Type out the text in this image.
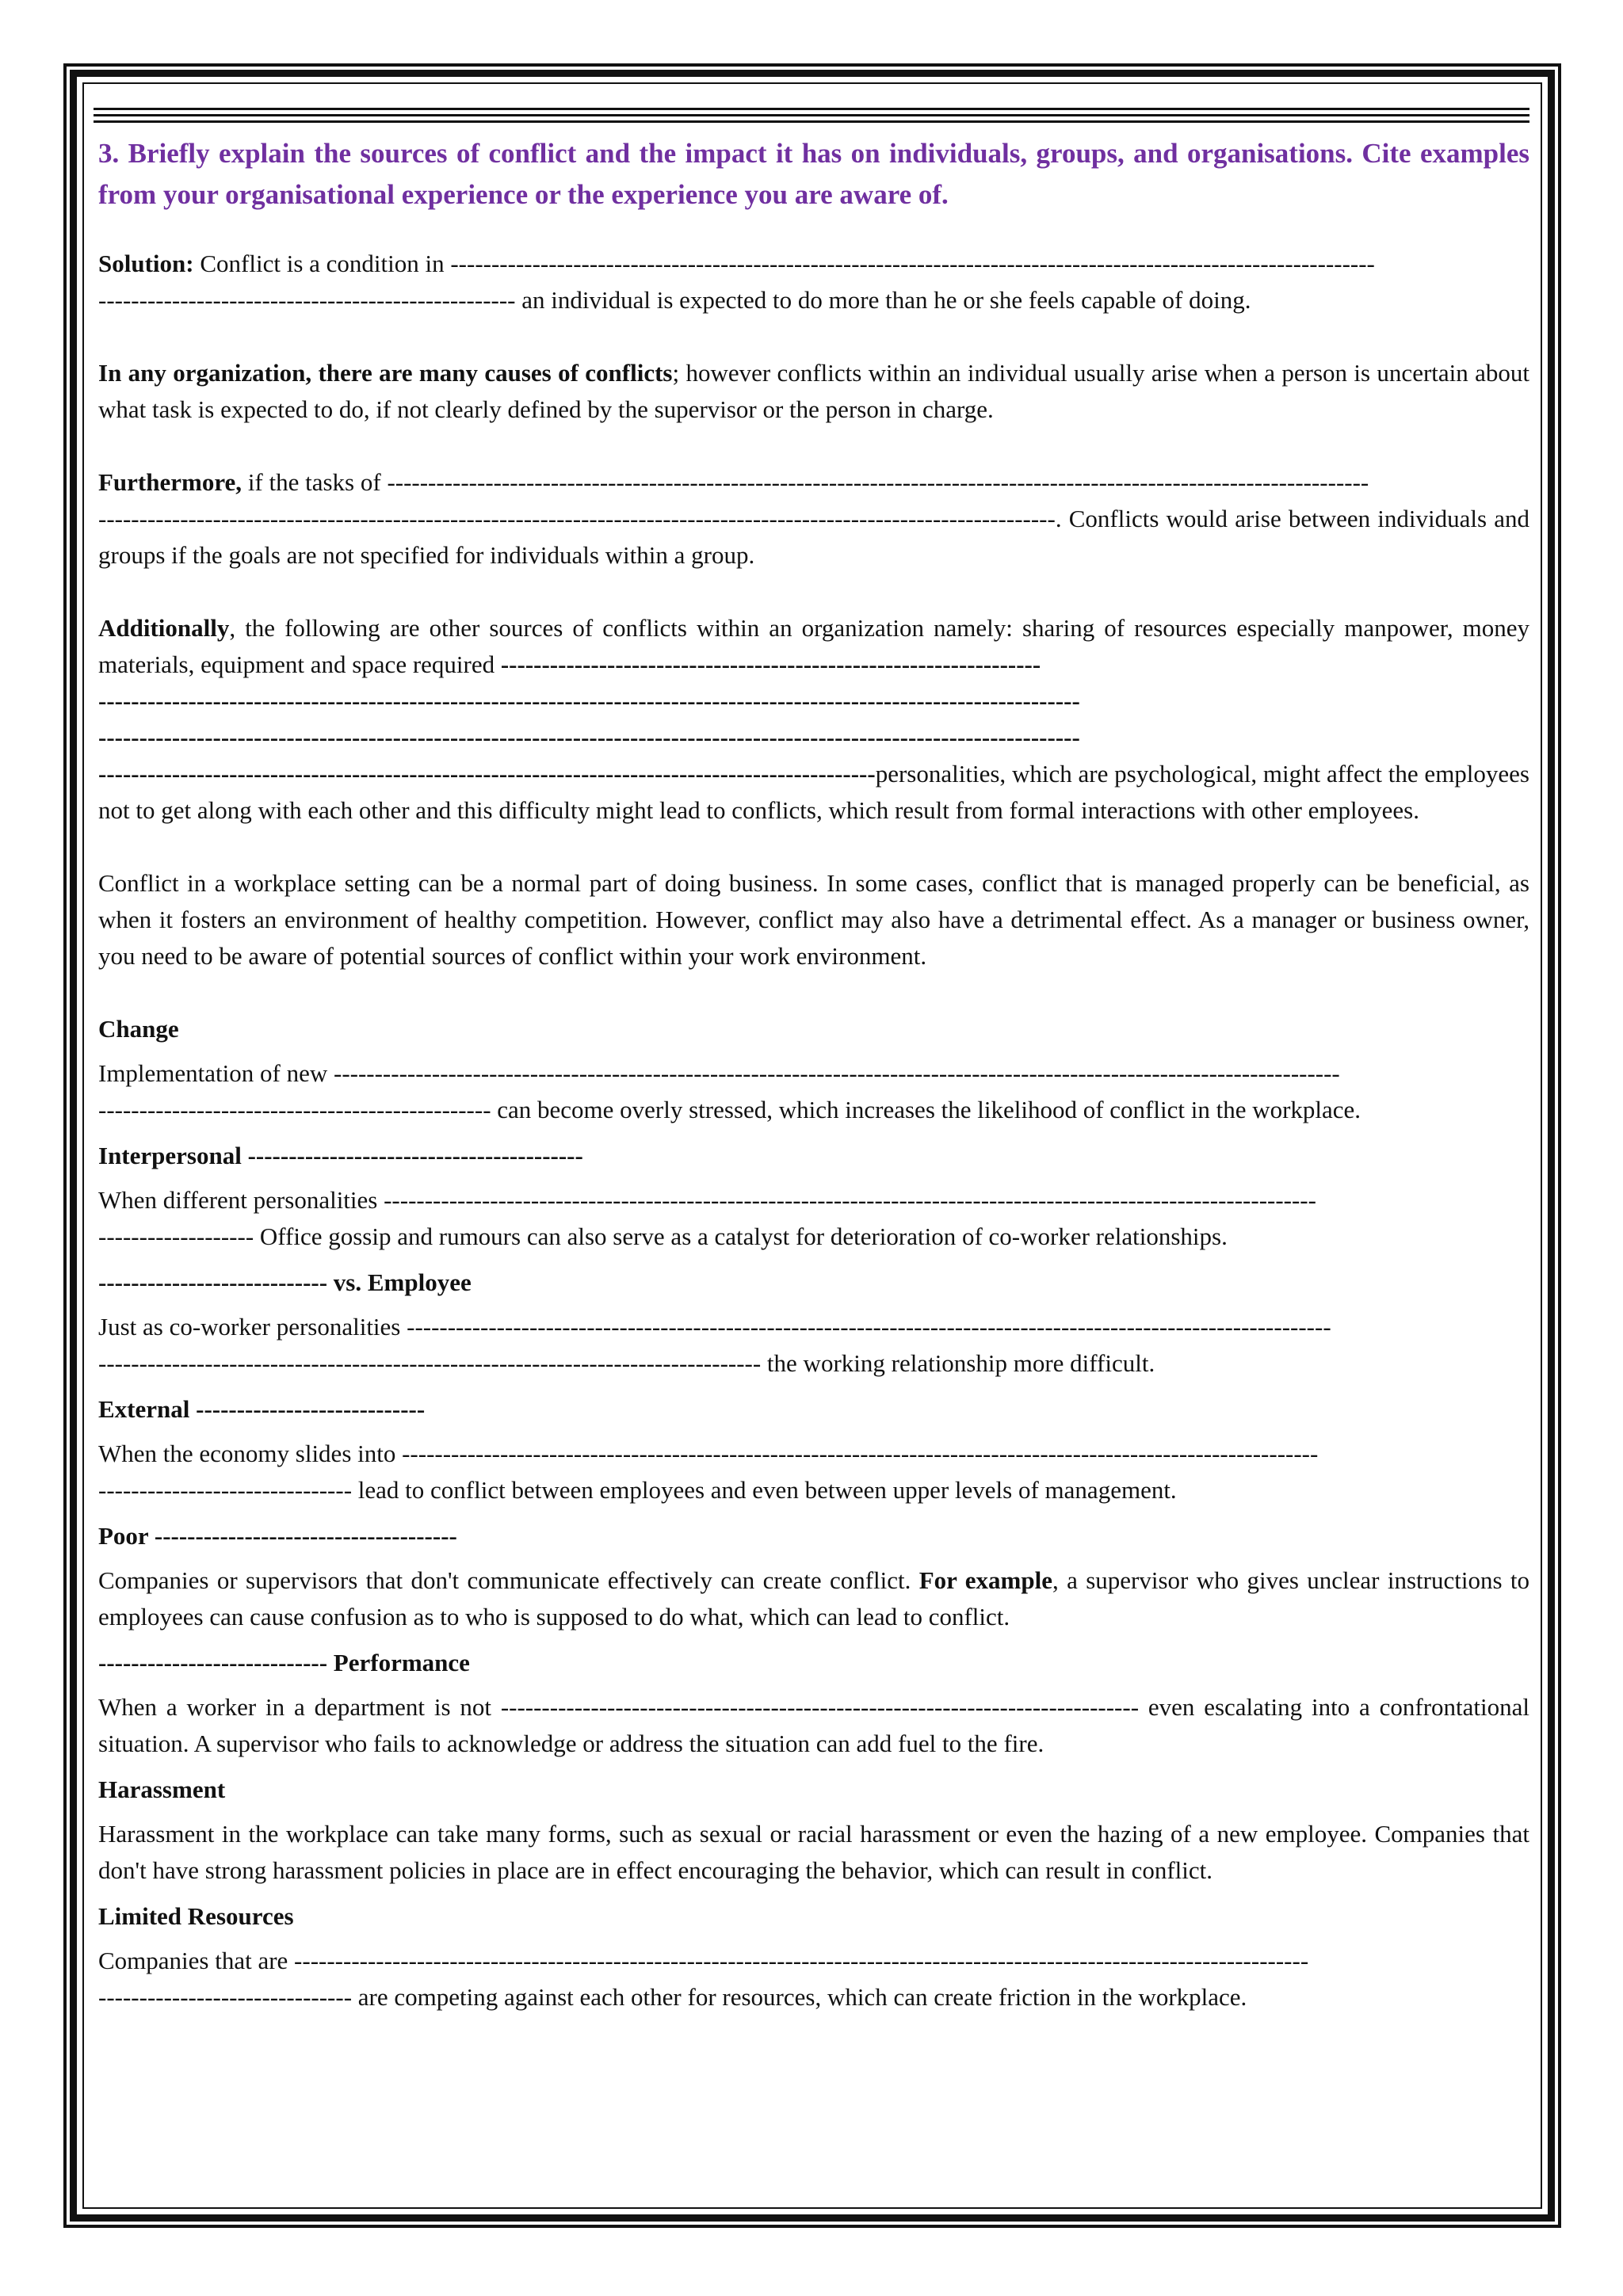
3. Briefly explain the sources of conflict and the impact it has on individuals, groups, and organisations. Cite examples from your organisational experience or the experience you are aware of.

Solution: Conflict is a condition in -----------------------------------------------------------------------------------------------------------------
--------------------------------------------------- an individual is expected to do more than he or she feels capable of doing.

In any organization, there are many causes of conflicts; however conflicts within an individual usually arise when a person is uncertain about what task is expected to do, if not clearly defined by the supervisor or the person in charge.

Furthermore, if the tasks of ------------------------------------------------------------------------------------------------------------------------
---------------------------------------------------------------------------------------------------------------------. Conflicts would arise between individuals and groups if the goals are not specified for individuals within a group.

Additionally, the following are other sources of conflicts within an organization namely: sharing of resources especially manpower, money materials, equipment and space required ------------------------------------------------------------------
------------------------------------------------------------------------------------------------------------------------
------------------------------------------------------------------------------------------------------------------------
-----------------------------------------------------------------------------------------------personalities, which are psychological, might affect the employees not to get along with each other and this difficulty might lead to conflicts, which result from formal interactions with other employees.

Conflict in a workplace setting can be a normal part of doing business. In some cases, conflict that is managed properly can be beneficial, as when it fosters an environment of healthy competition. However, conflict may also have a detrimental effect. As a manager or business owner, you need to be aware of potential sources of conflict within your work environment.

Change

Implementation of new ---------------------------------------------------------------------------------------------------------------------------
------------------------------------------------ can become overly stressed, which increases the likelihood of conflict in the workplace.

Interpersonal -----------------------------------------

When different personalities ------------------------------------------------------------------------------------------------------------------
------------------- Office gossip and rumours can also serve as a catalyst for deterioration of co-worker relationships.

---------------------------- vs. Employee

Just as co-worker personalities -----------------------------------------------------------------------------------------------------------------
--------------------------------------------------------------------------------- the working relationship more difficult.

External ----------------------------

When the economy slides into ----------------------------------------------------------------------------------------------------------------
------------------------------- lead to conflict between employees and even between upper levels of management.

Poor -------------------------------------

Companies or supervisors that don't communicate effectively can create conflict. For example, a supervisor who gives unclear instructions to employees can cause confusion as to who is supposed to do what, which can lead to conflict.

---------------------------- Performance

When a worker in a department is not ------------------------------------------------------------------------------ even escalating into a confrontational situation. A supervisor who fails to acknowledge or address the situation can add fuel to the fire.

Harassment

Harassment in the workplace can take many forms, such as sexual or racial harassment or even the hazing of a new employee. Companies that don't have strong harassment policies in place are in effect encouraging the behavior, which can result in conflict.

Limited Resources

Companies that are ----------------------------------------------------------------------------------------------------------------------------
------------------------------- are competing against each other for resources, which can create friction in the workplace.
